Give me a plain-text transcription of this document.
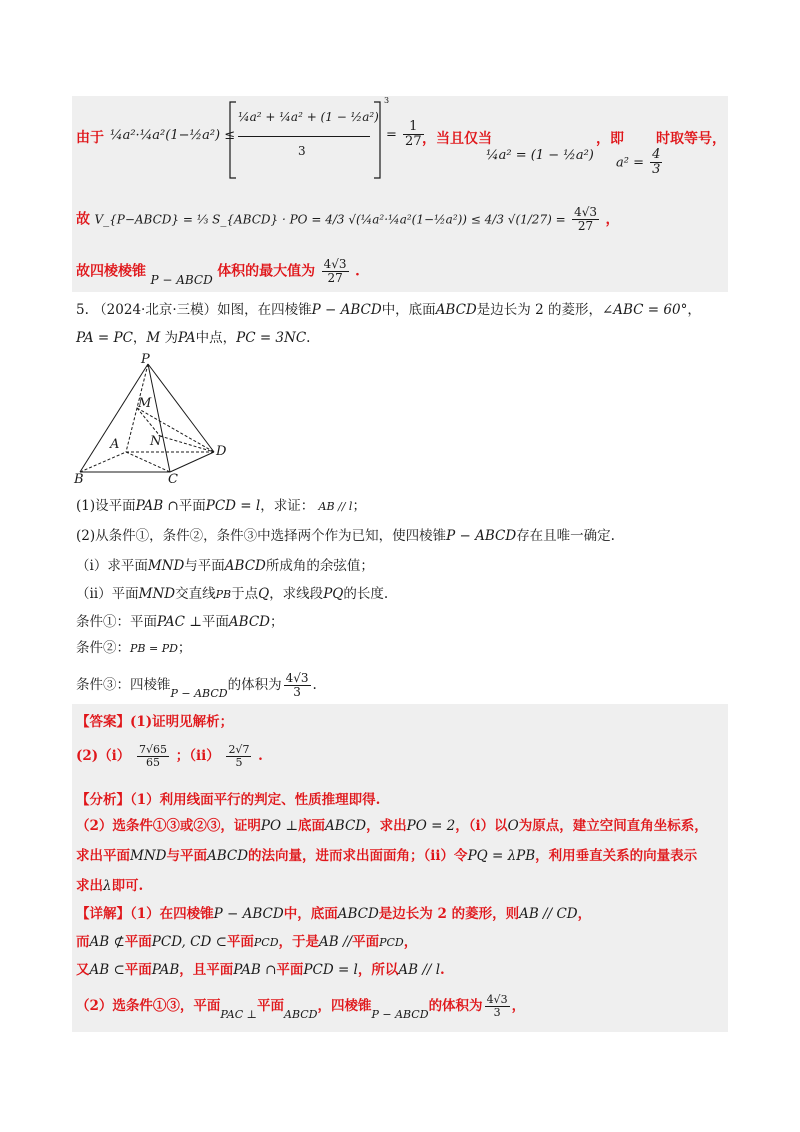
由于 ¼a²·¼a²(1−½a²) ≤
¼a² + ¼a² + (1 − ½a²)
3
3
= $\frac{1}{27}$
，当且仅当
¼a² = (1 − ½a²)
，即
$a^2 = \frac{4}{3}$
时取等号，
故 V_{P−ABCD} = ⅓ S_{ABCD} · PO = 4/3 √(¼a²·¼a²(1−½a²)) ≤ 4/3 $√(1/27) = \frac{4√3}{27}$ ，
故四棱棱锥 P − ABCD 体积的最大值为 $\frac{4√3}{27}$ .
5. （2024·北京·三模）如图，在四棱锥P − ABCD中，底面ABCD是边长为 2 的菱形，∠ABC = 60°，
PA = PC，M 为PA中点，PC = 3NC.
P
M
A N
D
B	C
(1)设平面PAB ∩平面PCD = l，求证： AB // l；
(2)从条件①，条件②，条件③中选择两个作为已知，使四棱锥P − ABCD存在且唯一确定.
（ⅰ）求平面MND与平面ABCD所成角的余弦值；
（ⅱ）平面MND交直线PB于点Q，求线段PQ的长度.
条件①：平面PAC ⊥平面ABCD；
条件②：PB = PD；
条件③：四棱锥$_{P - ABCD}$的体积为 $\frac{4√3}{3}$ .
【答案】(1)证明见解析；
(2)（ⅰ） $\frac{7√65}{65}$ ；（ⅱ） $\frac{2√7}{5}$ .
【分析】（1）利用线面平行的判定、性质推理即得.
（2）选条件①③或②③，证明PO ⊥底面ABCD，求出PO = 2，（ⅰ）以O为原点，建立空间直角坐标系，
求出平面MND与平面ABCD的法向量，进而求出面面角；（ⅱ）令PQ = λPB，利用垂直关系的向量表示
求出λ即可.
【详解】（1）在四棱锥P − ABCD中，底面ABCD是边长为 2 的菱形，则AB // CD，
而AB ⊄平面PCD, CD ⊂平面PCD，于是AB //平面PCD，
又AB ⊂平面PAB，且平面PAB ∩平面PCD = l，所以AB // l.
（2）选条件①③，平面$_{PAC \perp}$平面$_{ABCD}$，四棱锥$_{P - ABCD}$的体积为 $\frac{4√3}{3}$ ，
